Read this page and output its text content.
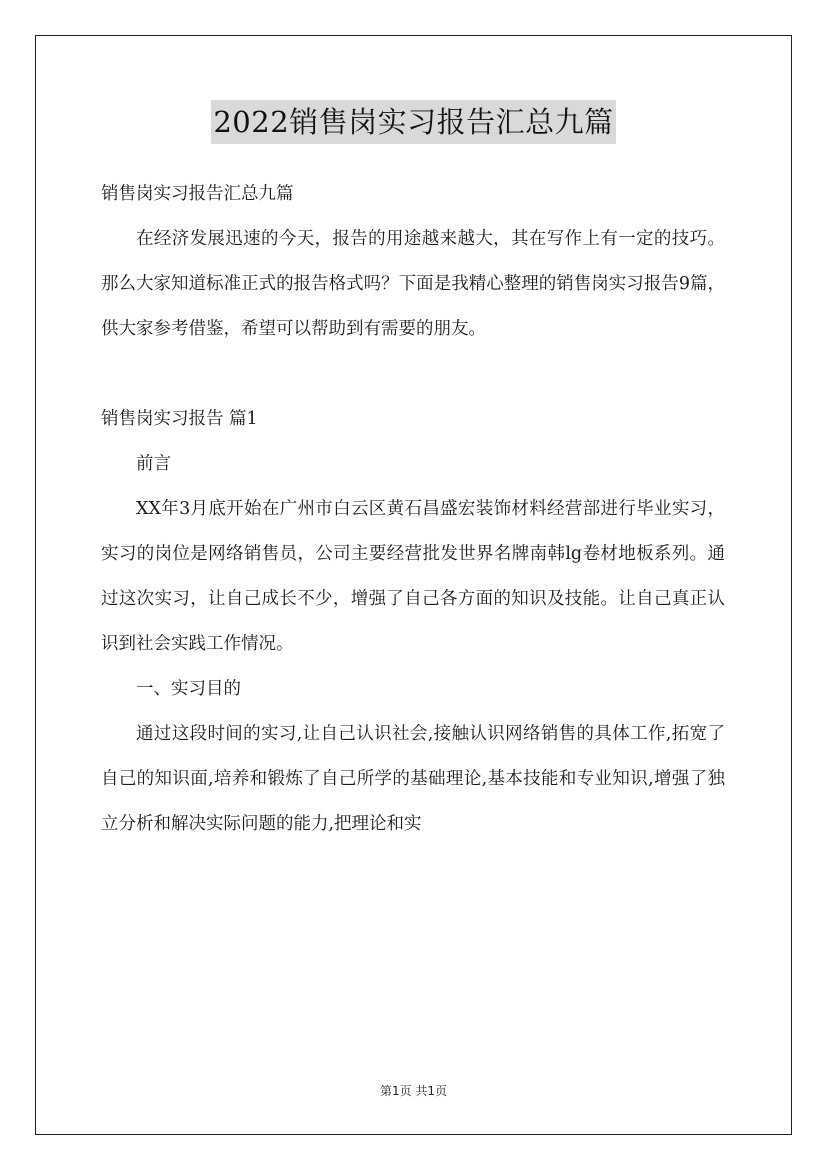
2022销售岗实习报告汇总九篇

销售岗实习报告汇总九篇

在经济发展迅速的今天，报告的用途越来越大，其在写作上有一定的技巧。那么大家知道标准正式的报告格式吗？下面是我精心整理的销售岗实习报告9篇，供大家参考借鉴，希望可以帮助到有需要的朋友。

销售岗实习报告 篇1

前言

XX年3月底开始在广州市白云区黄石昌盛宏装饰材料经营部进行毕业实习，实习的岗位是网络销售员，公司主要经营批发世界名牌南韩lg卷材地板系列。通过这次实习，让自己成长不少，增强了自己各方面的知识及技能。让自己真正认识到社会实践工作情况。

一、实习目的

通过这段时间的实习,让自己认识社会,接触认识网络销售的具体工作,拓宽了自己的知识面,培养和锻炼了自己所学的基础理论,基本技能和专业知识,增强了独立分析和解决实际问题的能力,把理论和实

第1页 共1页
